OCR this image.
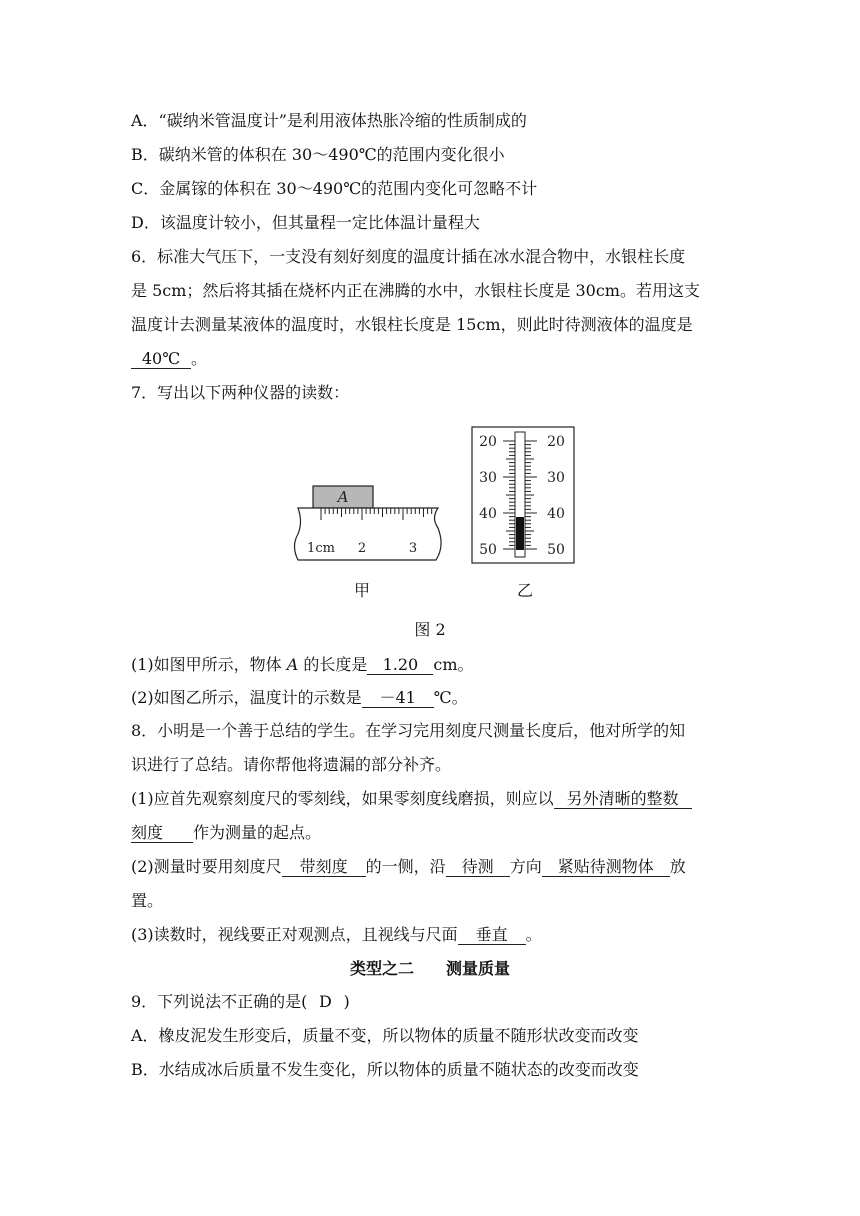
A．“碳纳米管温度计”是利用液体热胀冷缩的性质制成的
B．碳纳米管的体积在 30～490℃的范围内变化很小
C．金属镓的体积在 30～490℃的范围内变化可忽略不计
D．该温度计较小，但其量程一定比体温计量程大
6．标准大气压下，一支没有刻好刻度的温度计插在冰水混合物中，水银柱长度
是 5cm；然后将其插在烧杯内正在沸腾的水中，水银柱长度是 30cm。若用这支
温度计去测量某液体的温度时，水银柱长度是 15cm，则此时待测液体的温度是
40℃ 。
7．写出以下两种仪器的读数：
A
1cm 2	3
甲
20
30
40
50
20
30
40
50
乙
图 2
(1)如图甲所示，物体 A 的长度是 1.20 cm。
(2)如图乙所示，温度计的示数是 －41 ℃。
8．小明是一个善于总结的学生。在学习完用刻度尺测量长度后，他对所学的知
识进行了总结。请你帮他将遗漏的部分补齐。
(1)应首先观察刻度尺的零刻线，如果零刻度线磨损，则应以 另外清晰的整数
刻度 作为测量的起点。
(2)测量时要用刻度尺 带刻度 的一侧，沿 待测 方向 紧贴待测物体 放
置。
(3)读数时，视线要正对观测点，且视线与尺面 垂直 。
类型之二　　测量质量
9．下列说法不正确的是( D )
A．橡皮泥发生形变后，质量不变，所以物体的质量不随形状改变而改变
B．水结成冰后质量不发生变化，所以物体的质量不随状态的改变而改变
